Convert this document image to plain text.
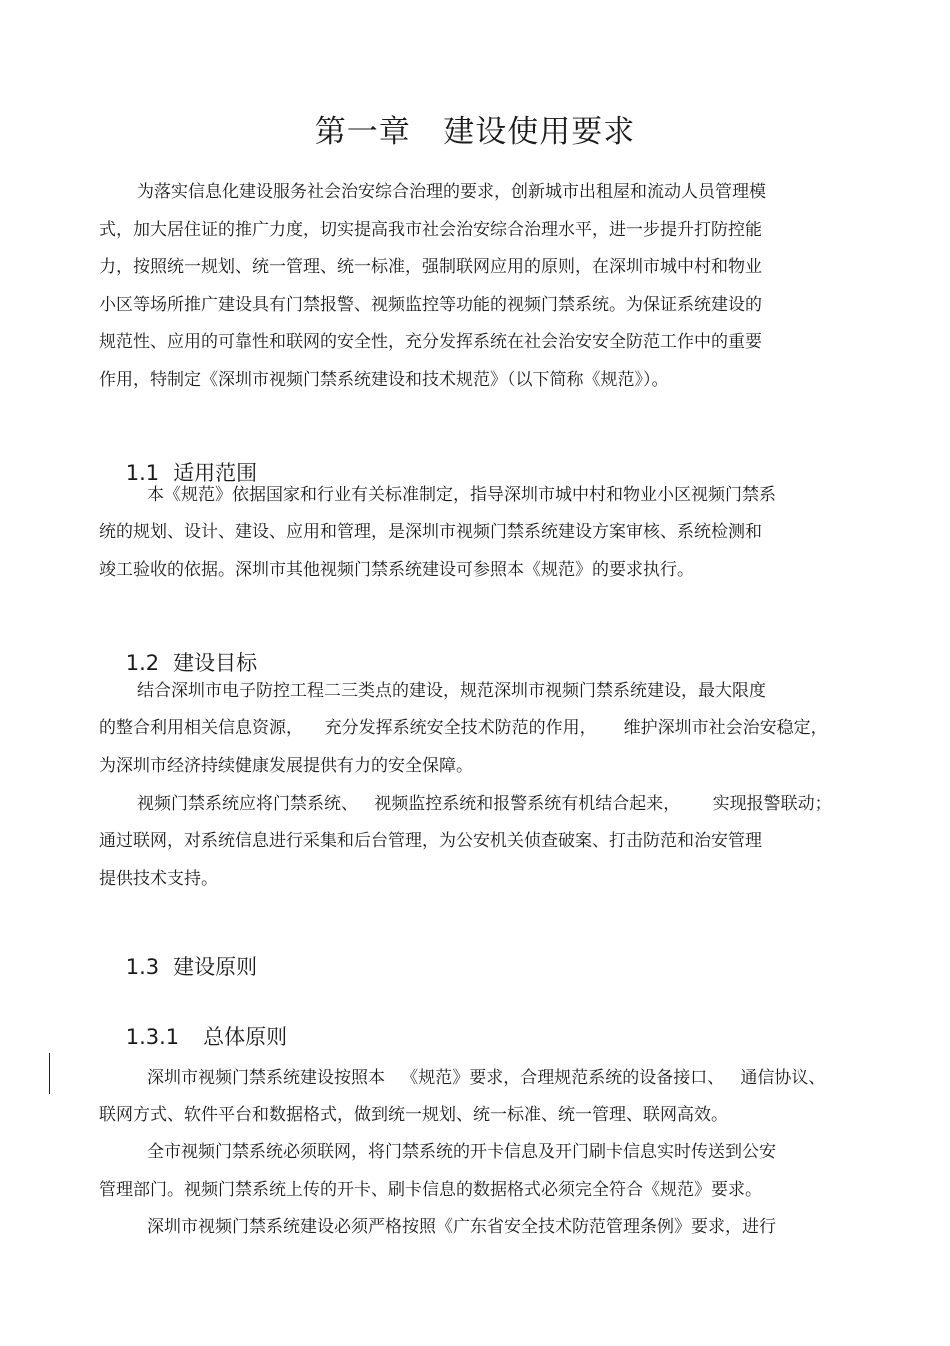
第一章   建设使用要求
为落实信息化建设服务社会治安综合治理的要求，创新城市出租屋和流动人员管理模
式，加大居住证的推广力度，切实提高我市社会治安综合治理水平，进一步提升打防控能
力，按照统一规划、统一管理、统一标准，强制联网应用的原则，在深圳市城中村和物业
小区等场所推广建设具有门禁报警、视频监控等功能的视频门禁系统。为保证系统建设的
规范性、应用的可靠性和联网的安全性，充分发挥系统在社会治安安全防范工作中的重要
作用，特制定《深圳市视频门禁系统建设和技术规范》（以下简称《规范》）。

1.1 适用范围

本《规范》依据国家和行业有关标准制定，指导深圳市城中村和物业小区视频门禁系
统的规划、设计、建设、应用和管理，是深圳市视频门禁系统建设方案审核、系统检测和
竣工验收的依据。深圳市其他视频门禁系统建设可参照本《规范》的要求执行。

1.2 建设目标

结合深圳市电子防控工程二三类点的建设，规范深圳市视频门禁系统建设，最大限度
的整合利用相关信息资源，    充分发挥系统安全技术防范的作用，     维护深圳市社会治安稳定，
为深圳市经济持续健康发展提供有力的安全保障。
视频门禁系统应将门禁系统、   视频监控系统和报警系统有机结合起来，      实现报警联动；
通过联网，对系统信息进行采集和后台管理，为公安机关侦查破案、打击防范和治安管理
提供技术支持。

1.3 建设原则

1.3.1 总体原则

深圳市视频门禁系统建设按照本   《规范》要求，合理规范系统的设备接口、   通信协议、
联网方式、软件平台和数据格式，做到统一规划、统一标准、统一管理、联网高效。
全市视频门禁系统必须联网，将门禁系统的开卡信息及开门刷卡信息实时传送到公安
管理部门。视频门禁系统上传的开卡、刷卡信息的数据格式必须完全符合《规范》要求。
深圳市视频门禁系统建设必须严格按照《广东省安全技术防范管理条例》要求，进行
